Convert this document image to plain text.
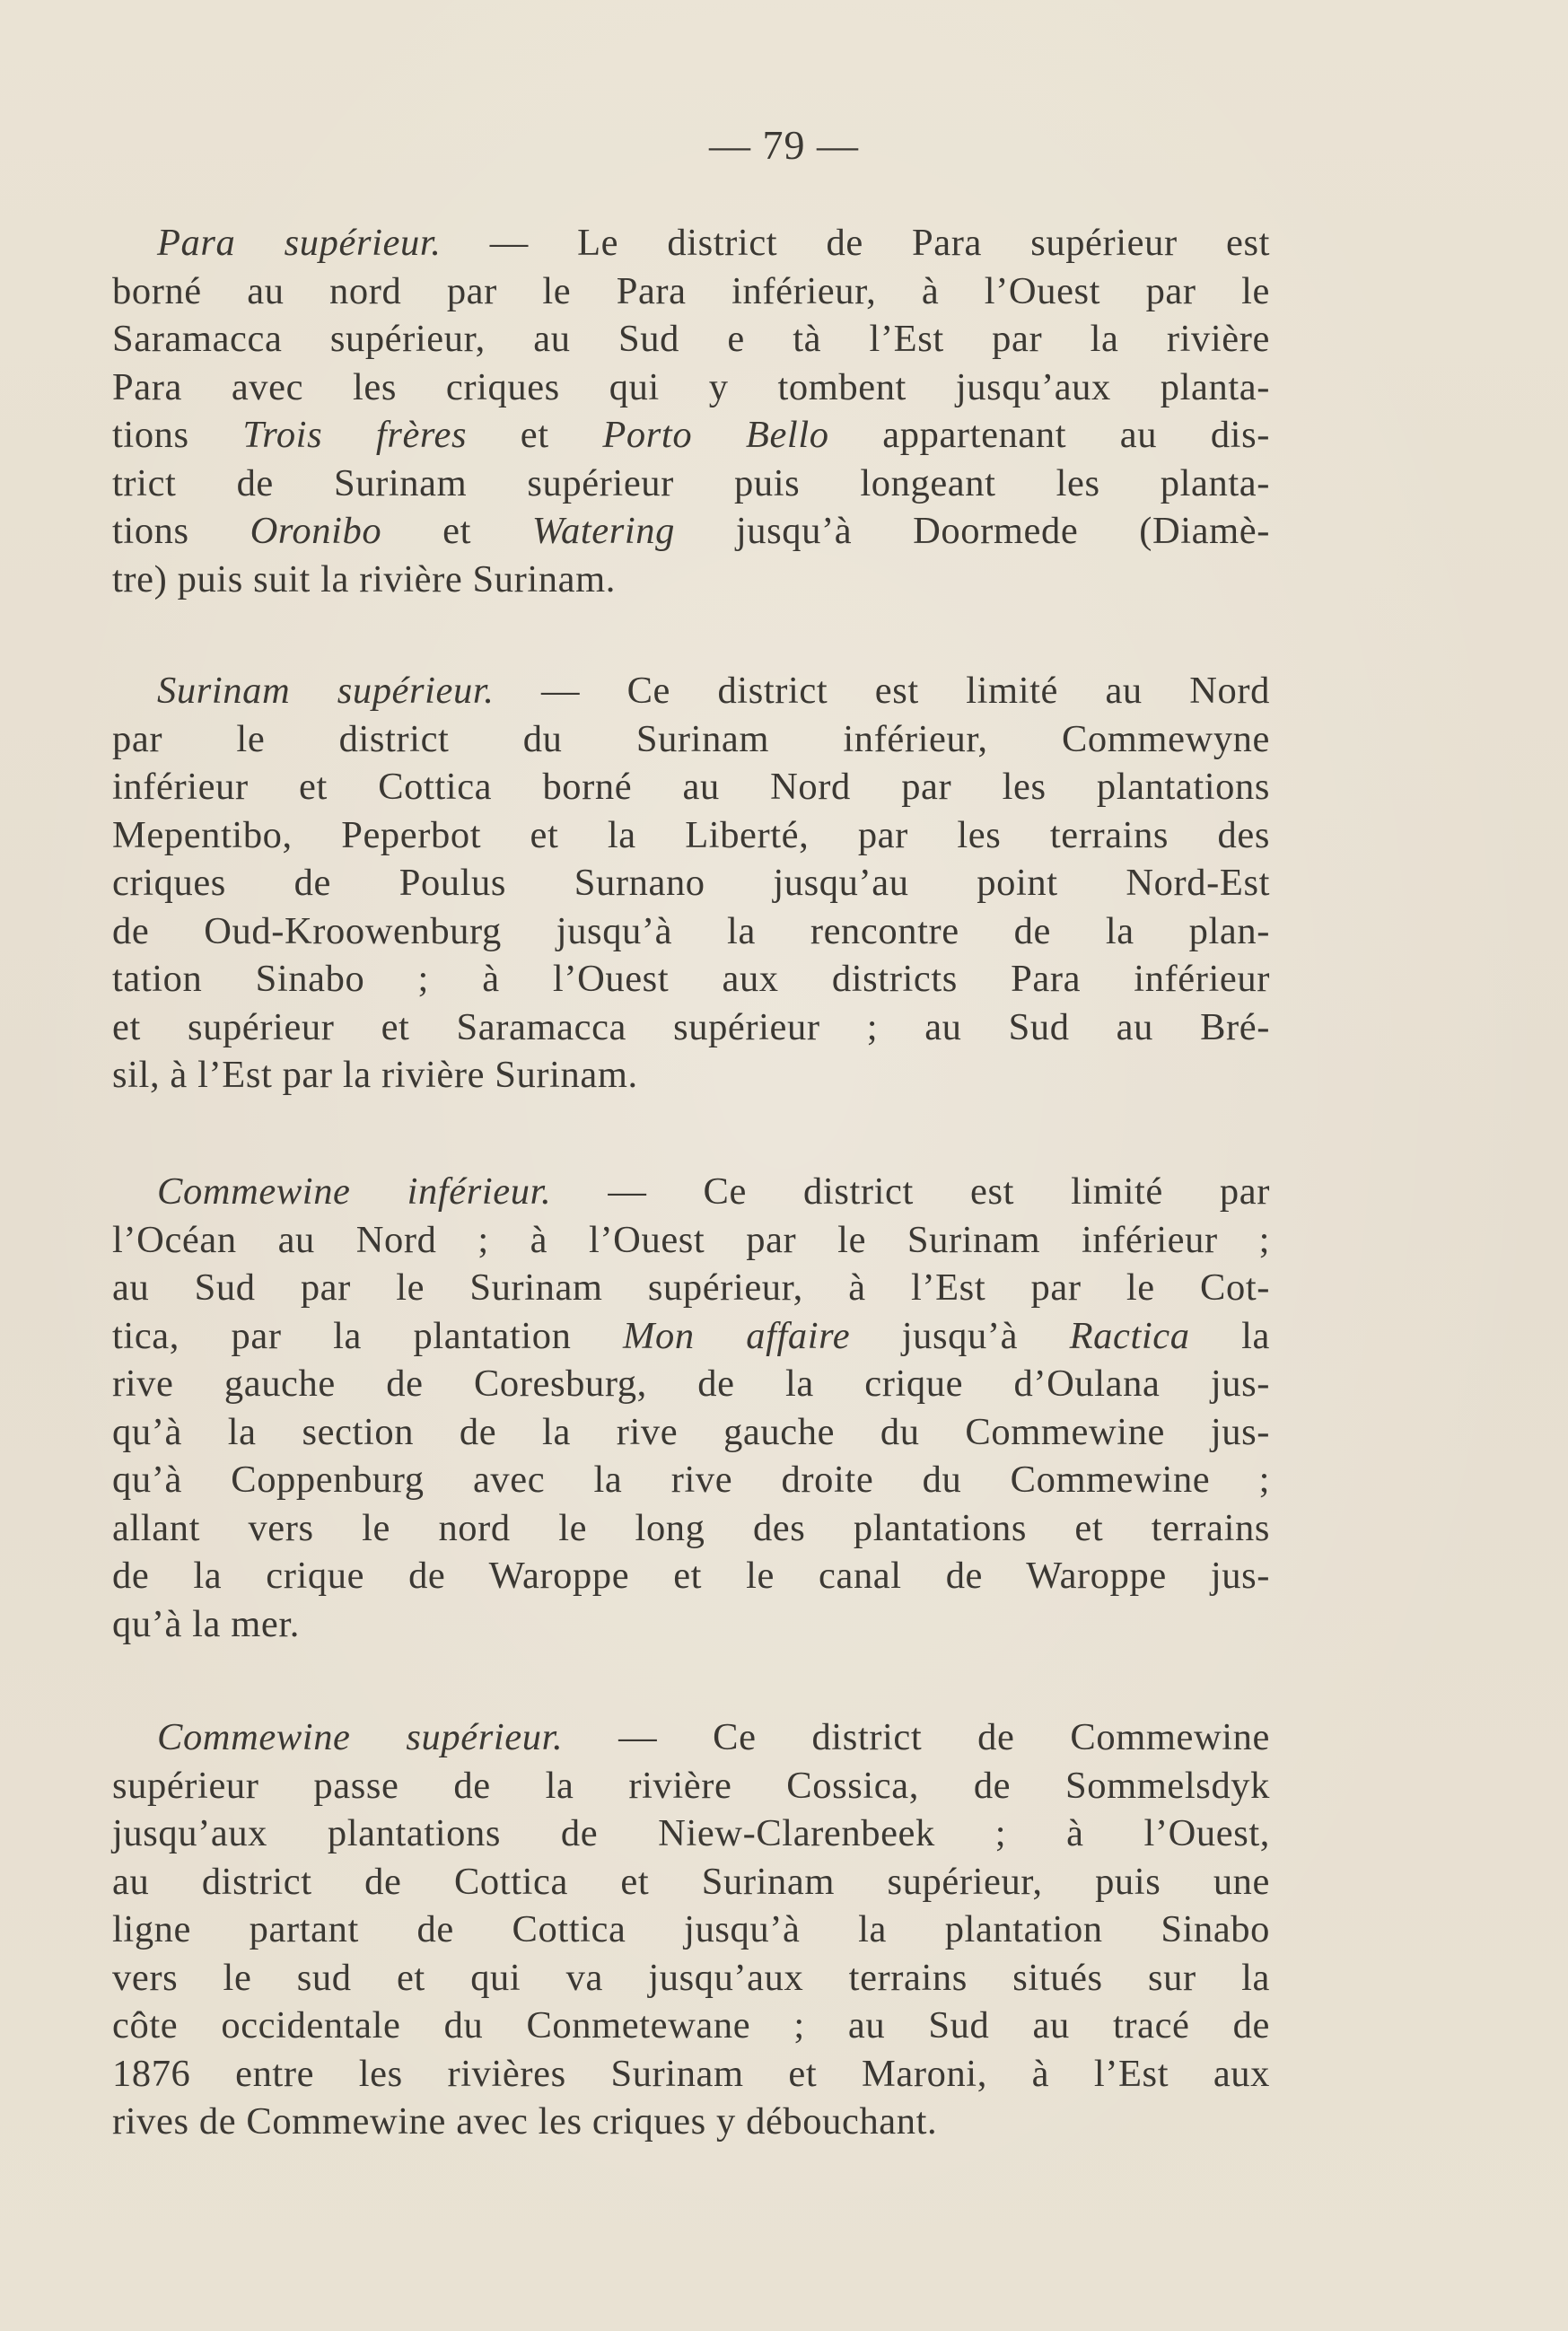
— 79 —
Para supérieur. — Le district de Para supérieur est
borné au nord par le Para inférieur, à l’Ouest par le
Saramacca supérieur, au Sud e tà l’Est par la rivière
Para avec les criques qui y tombent jusqu’aux planta-
tions Trois frères et Porto Bello appartenant au dis-
trict de Surinam supérieur puis longeant les planta-
tions Oronibo et Watering jusqu’à Doormede (Diamè-
tre) puis suit la rivière Surinam.
Surinam supérieur. — Ce district est limité au Nord
par le district du Surinam inférieur, Commewyne
inférieur et Cottica borné au Nord par les plantations
Mepentibo, Peperbot et la Liberté, par les terrains des
criques de Poulus Surnano jusqu’au point Nord-Est
de Oud-Kroowenburg jusqu’à la rencontre de la plan-
tation Sinabo ; à l’Ouest aux districts Para inférieur
et supérieur et Saramacca supérieur ; au Sud au Bré-
sil, à l’Est par la rivière Surinam.
Commewine inférieur. — Ce district est limité par
l’Océan au Nord ; à l’Ouest par le Surinam inférieur ;
au Sud par le Surinam supérieur, à l’Est par le Cot-
tica, par la plantation Mon affaire jusqu’à Ractica la
rive gauche de Coresburg, de la crique d’Oulana jus-
qu’à la section de la rive gauche du Commewine jus-
qu’à Coppenburg avec la rive droite du Commewine ;
allant vers le nord le long des plantations et terrains
de la crique de Waroppe et le canal de Waroppe jus-
qu’à la mer.
Commewine supérieur. — Ce district de Commewine
supérieur passe de la rivière Cossica, de Sommelsdyk
jusqu’aux plantations de Niew-Clarenbeek ; à l’Ouest,
au district de Cottica et Surinam supérieur, puis une
ligne partant de Cottica jusqu’à la plantation Sinabo
vers le sud et qui va jusqu’aux terrains situés sur la
côte occidentale du Conmetewane ; au Sud au tracé de
1876 entre les rivières Surinam et Maroni, à l’Est aux
rives de Commewine avec les criques y débouchant.
